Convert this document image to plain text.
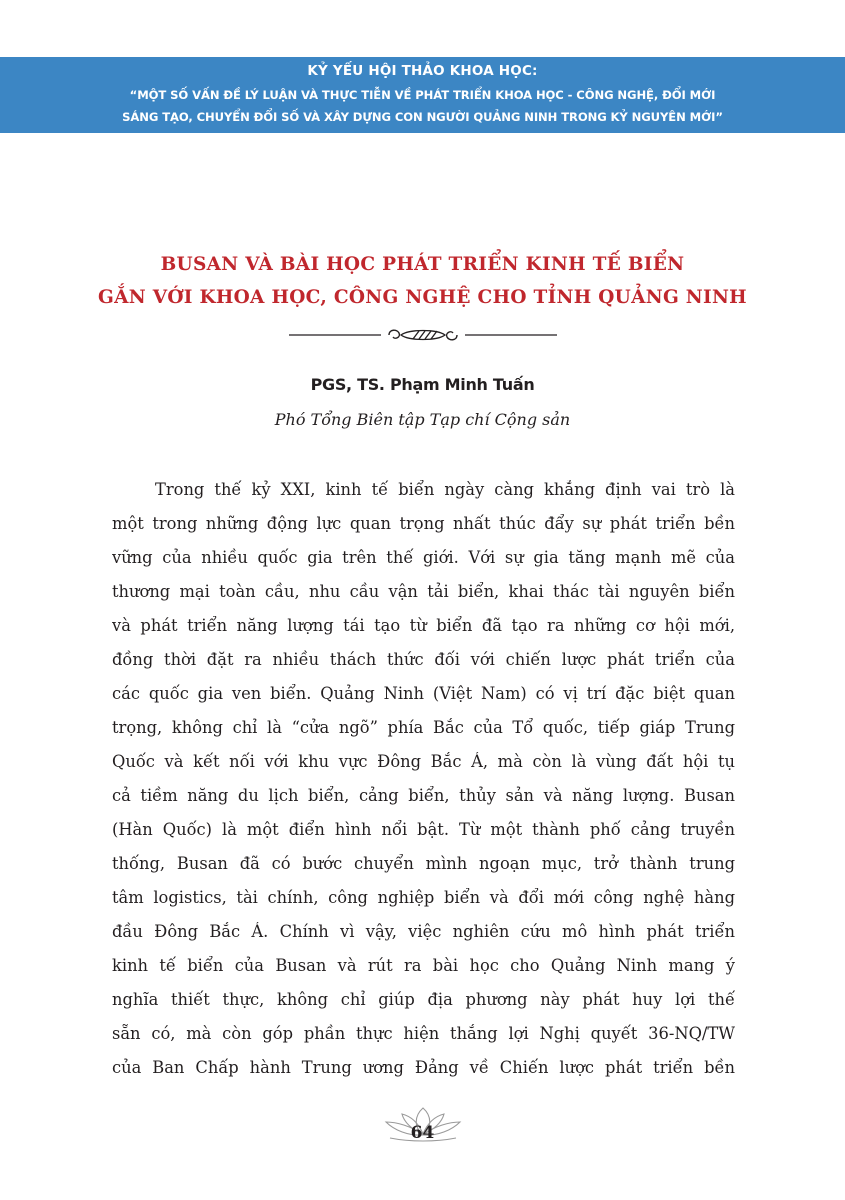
KỶ YẾU HỘI THẢO KHOA HỌC:
“MỘT SỐ VẤN ĐỀ LÝ LUẬN VÀ THỰC TIỄN VỀ PHÁT TRIỂN KHOA HỌC - CÔNG NGHỆ, ĐỔI MỚI
SÁNG TẠO, CHUYỂN ĐỔI SỐ VÀ XÂY DỰNG CON NGƯỜI QUẢNG NINH TRONG KỶ NGUYÊN MỚI”
BUSAN VÀ BÀI HỌC PHÁT TRIỂN KINH TẾ BIỂN
GẮN VỚI KHOA HỌC, CÔNG NGHỆ CHO TỈNH QUẢNG NINH
PGS, TS. Phạm Minh Tuấn
Phó Tổng Biên tập Tạp chí Cộng sản
Trong thế kỷ XXI, kinh tế biển ngày càng khẳng định vai trò là
một trong những động lực quan trọng nhất thúc đẩy sự phát triển bền
vững của nhiều quốc gia trên thế giới. Với sự gia tăng mạnh mẽ của
thương mại toàn cầu, nhu cầu vận tải biển, khai thác tài nguyên biển
và phát triển năng lượng tái tạo từ biển đã tạo ra những cơ hội mới,
đồng thời đặt ra nhiều thách thức đối với chiến lược phát triển của
các quốc gia ven biển. Quảng Ninh (Việt Nam) có vị trí đặc biệt quan
trọng, không chỉ là “cửa ngõ” phía Bắc của Tổ quốc, tiếp giáp Trung
Quốc và kết nối với khu vực Đông Bắc Á, mà còn là vùng đất hội tụ
cả tiềm năng du lịch biển, cảng biển, thủy sản và năng lượng. Busan
(Hàn Quốc) là một điển hình nổi bật. Từ một thành phố cảng truyền
thống, Busan đã có bước chuyển mình ngoạn mục, trở thành trung
tâm logistics, tài chính, công nghiệp biển và đổi mới công nghệ hàng
đầu Đông Bắc Á. Chính vì vậy, việc nghiên cứu mô hình phát triển
kinh tế biển của Busan và rút ra bài học cho Quảng Ninh mang ý
nghĩa thiết thực, không chỉ giúp địa phương này phát huy lợi thế
sẵn có, mà còn góp phần thực hiện thắng lợi Nghị quyết 36-NQ/TW
của Ban Chấp hành Trung ương Đảng về Chiến lược phát triển bền
64
